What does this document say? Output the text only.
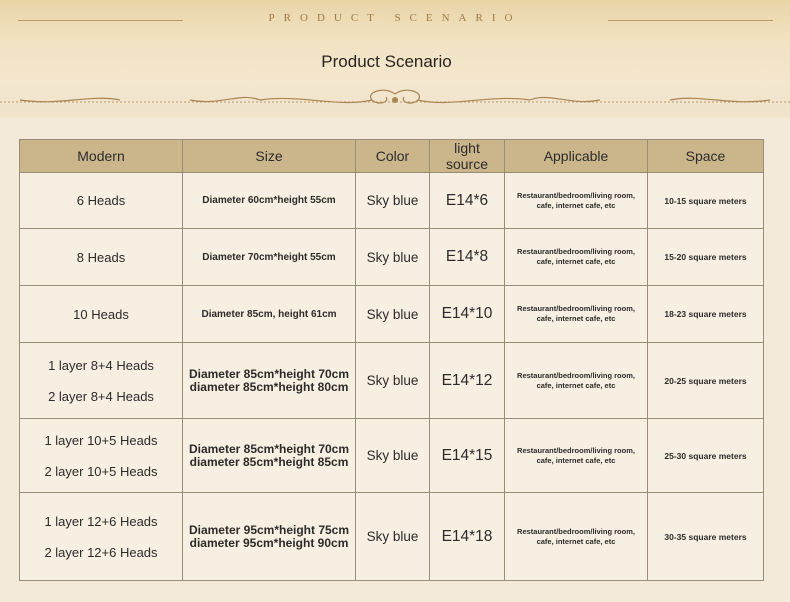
PRODUCT SCENARIO
Product Scenario
Modern	Size	Color	light source	Applicable	Space

6 Heads	Diameter 60cm*height 55cm	Sky blue	E14*6	Restaurant/bedroom/living room, cafe, internet cafe, etc	10-15 square meters

8 Heads	Diameter 70cm*height 55cm	Sky blue	E14*8	Restaurant/bedroom/living room, cafe, internet cafe, etc	15-20 square meters

10 Heads	Diameter 85cm, height 61cm	Sky blue	E14*10	Restaurant/bedroom/living room, cafe, internet cafe, etc	18-23 square meters

1 layer 8+4 Heads
2 layer 8+4 Heads	Diameter 85cm*height 70cm diameter 85cm*height 80cm	Sky blue	E14*12	Restaurant/bedroom/living room, cafe, internet cafe, etc	20-25 square meters

1 layer 10+5 Heads
2 layer 10+5 Heads	Diameter 85cm*height 70cm diameter 85cm*height 85cm	Sky blue	E14*15	Restaurant/bedroom/living room, cafe, internet cafe, etc	25-30 square meters

1 layer 12+6 Heads
2 layer 12+6 Heads	Diameter 95cm*height 75cm diameter 95cm*height 90cm	Sky blue	E14*18	Restaurant/bedroom/living room, cafe, internet cafe, etc	30-35 square meters
